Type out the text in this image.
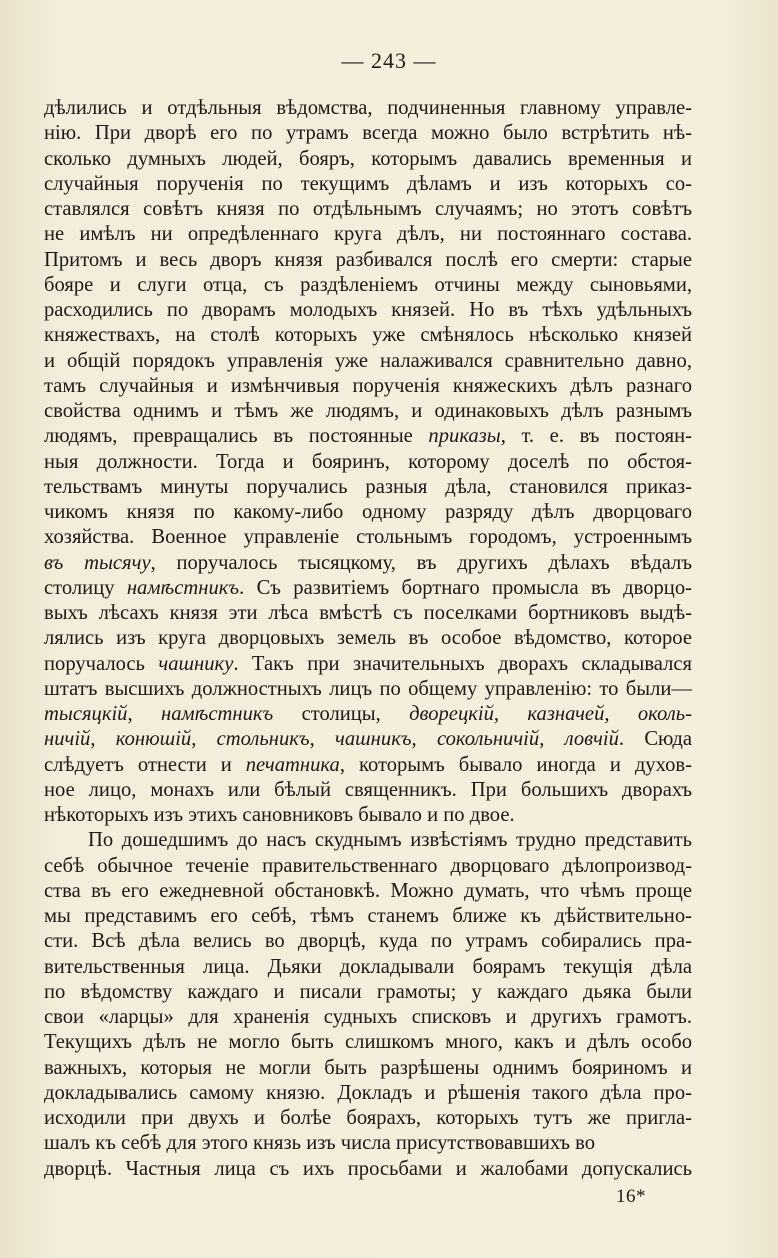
— 243 —
дѣлились и отдѣльныя вѣдомства, подчиненныя главному управле-
нію. При дворѣ его по утрамъ всегда можно было встрѣтить нѣ-
сколько думныхъ людей, бояръ, которымъ давались временныя и
случайныя порученія по текущимъ дѣламъ и изъ которыхъ со-
ставлялся совѣтъ князя по отдѣльнымъ случаямъ; но этотъ совѣтъ
не имѣлъ ни опредѣленнаго круга дѣлъ, ни постояннаго состава.
Притомъ и весь дворъ князя разбивался послѣ его смерти: старые
бояре и слуги отца, съ раздѣленіемъ отчины между сыновьями,
расходились по дворамъ молодыхъ князей. Но въ тѣхъ удѣльныхъ
княжествахъ, на столѣ которыхъ уже смѣнялось нѣсколько князей
и общій порядокъ управленія уже налаживался сравнительно давно,
тамъ случайныя и измѣнчивыя порученія княжескихъ дѣлъ разнаго
свойства однимъ и тѣмъ же людямъ, и одинаковыхъ дѣлъ разнымъ
людямъ, превращались въ постоянные приказы, т. е. въ постоян-
ныя должности. Тогда и бояринъ, которому доселѣ по обстоя-
тельствамъ минуты поручались разныя дѣла, становился приказ-
чикомъ князя по какому-либо одному разряду дѣлъ дворцоваго
хозяйства. Военное управленіе стольнымъ городомъ, устроеннымъ
въ тысячу, поручалось тысяцкому, въ другихъ дѣлахъ вѣдалъ
столицу намѣстникъ. Съ развитіемъ бортнаго промысла въ дворцо-
выхъ лѣсахъ князя эти лѣса вмѣстѣ съ поселками бортниковъ выдѣ-
лялись изъ круга дворцовыхъ земель въ особое вѣдомство, которое
поручалось чашнику. Такъ при значительныхъ дворахъ складывался
штатъ высшихъ должностныхъ лицъ по общему управленію: то были—
тысяцкій, намѣстникъ столицы, дворецкій, казначей, околь-
ничій, конюшій, стольникъ, чашникъ, сокольничій, ловчій. Сюда
слѣдуетъ отнести и печатника, которымъ бывало иногда и духов-
ное лицо, монахъ или бѣлый священникъ. При большихъ дворахъ
нѣкоторыхъ изъ этихъ сановниковъ бывало и по двое.
По дошедшимъ до насъ скуднымъ извѣстіямъ трудно представить
себѣ обычное теченіе правительственнаго дворцоваго дѣлопроизвод-
ства въ его ежедневной обстановкѣ. Можно думать, что чѣмъ проще
мы представимъ его себѣ, тѣмъ станемъ ближе къ дѣйствительно-
сти. Всѣ дѣла велись во дворцѣ, куда по утрамъ собирались пра-
вительственныя лица. Дьяки докладывали боярамъ текущія дѣла
по вѣдомству каждаго и писали грамоты; у каждаго дьяка были
свои «ларцы» для храненія судныхъ списковъ и другихъ грамотъ.
Текущихъ дѣлъ не могло быть слишкомъ много, какъ и дѣлъ особо
важныхъ, которыя не могли быть разрѣшены однимъ бояриномъ и
докладывались самому князю. Докладъ и рѣшенія такого дѣла про-
исходили при двухъ и болѣе боярахъ, которыхъ тутъ же пригла-
шалъ къ себѣ для этого князь изъ числа присутствовавшихъ во
дворцѣ. Частныя лица съ ихъ просьбами и жалобами допускались
16*
